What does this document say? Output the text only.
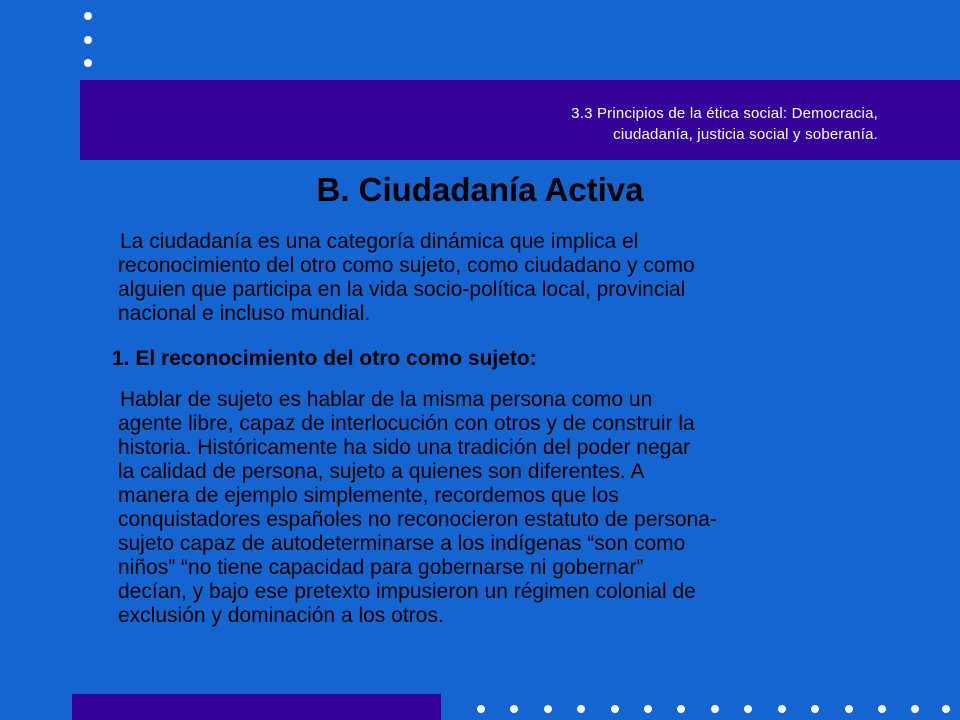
3.3 Principios de la ética social: Democracia,
ciudadanía, justicia social y soberanía.
B. Ciudadanía Activa
La ciudadanía es una categoría dinámica que implica el
reconocimiento del otro como sujeto, como ciudadano y como
alguien que participa en la vida socio-política local, provincial
nacional e incluso mundial.
1. El reconocimiento del otro como sujeto:
Hablar de sujeto es hablar de la misma persona como un
agente libre, capaz de interlocución con otros y de construir la
historia. Históricamente ha sido una tradición del poder negar
la calidad de persona, sujeto a quienes son diferentes. A
manera de ejemplo simplemente, recordemos que los
conquistadores españoles no reconocieron estatuto de persona-
sujeto capaz de autodeterminarse a los indígenas “son como
niños” “no tiene capacidad para gobernarse ni gobernar”
decían, y bajo ese pretexto impusieron un régimen colonial de
exclusión y dominación a los otros.
